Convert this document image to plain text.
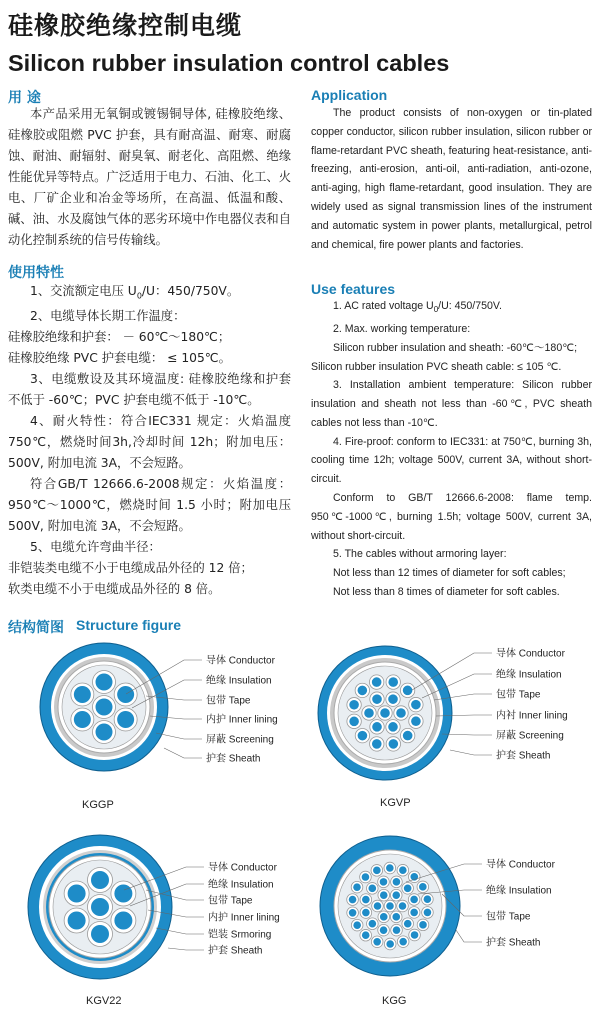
硅橡胶绝缘控制电缆
Silicon rubber insulation control cables
用 途	Application
本产品采用无氧铜或镀锡铜导体, 硅橡胶绝缘、硅橡胶或阻燃 PVC 护套，具有耐高温、耐寒、耐腐蚀、耐油、耐辐射、耐臭氧、耐老化、高阻燃、绝缘性能优异等特点。广泛适用于电力、石油、化工、火电、厂矿企业和冶金等场所，在高温、低温和酸、碱、油、水及腐蚀气体的恶劣环境中作电器仪表和自动化控制系统的信号传输线。
The product consists of non-oxygen or tin-plated copper conductor, silicon rubber insulation, silicon rubber or flame-retardant PVC sheath, featuring heat-resistance, anti-freezing, anti-erosion, anti-oil, anti-radiation, anti-ozone, anti-aging, high flame-retardant, good insulation. They are widely used as signal transmission lines of the instrument and automatic system in power plants, metallurgical, petrol and chemical, fire power plants and factories.
使用特性
Use features
1、交流额定电压 $U_0/U$：450/750V。
2、电缆导体长期工作温度：
硅橡胶绝缘和护套： － 60℃～180℃；
硅橡胶绝缘 PVC 护套电缆： ≤ 105℃。
3、电缆敷设及其环境温度: 硅橡胶绝缘和护套不低于 -60℃；PVC 护套电缆不低于 -10℃。
4、耐火特性：符合IEC331 规定：火焰温度750℃，燃烧时间3h,冷却时间 12h；附加电压：500V, 附加电流 3A，不会短路。
符合GB/T 12666.6-2008规定：火焰温度：950℃～1000℃，燃烧时间 1.5 小时；附加电压 500V, 附加电流 3A，不会短路。
5、电缆允许弯曲半径：
非铠装类电缆不小于电缆成品外径的 12 倍；
软类电缆不小于电缆成品外径的 8 倍。
1. AC rated voltage $U_0/U$: 450/750V.
2. Max. working temperature:
Silicon rubber insulation and sheath: -60℃～180℃;
Silicon rubber insulation PVC sheath cable: ≤ 105 ℃.
3. Installation ambient temperature: Silicon rubber insulation and sheath not less than -60℃, PVC sheath cables not less than -10℃.
4. Fire-proof: conform to IEC331: at 750℃, burning 3h, cooling time 12h; voltage 500V, current 3A, without short-circuit.
Conform to GB/T 12666.6-2008: flame temp. 950℃-1000℃, burning 1.5h; voltage 500V, current 3A, without short-circuit.
5. The cables without armoring layer:
Not less than 12 times of diameter for soft cables;
Not less than 8 times of diameter for soft cables.
结构简图 Structure figure
导体 Conductor
绝缘 Insulation
包带 Tape
内护 Inner lining
屏蔽 Screening
护套 Sheath
KGGP
导体 Conductor
绝缘 Insulation
包带 Tape
内衬 Inner lining
屏蔽 Screening
护套 Sheath
KGVP
导体 Conductor
绝缘 Insulation
包带 Tape
内护 Inner lining
铠装 Srmoring
护套 Sheath
KGV22
导体 Conductor
绝缘 Insulation
包带 Tape
护套 Sheath
KGG
